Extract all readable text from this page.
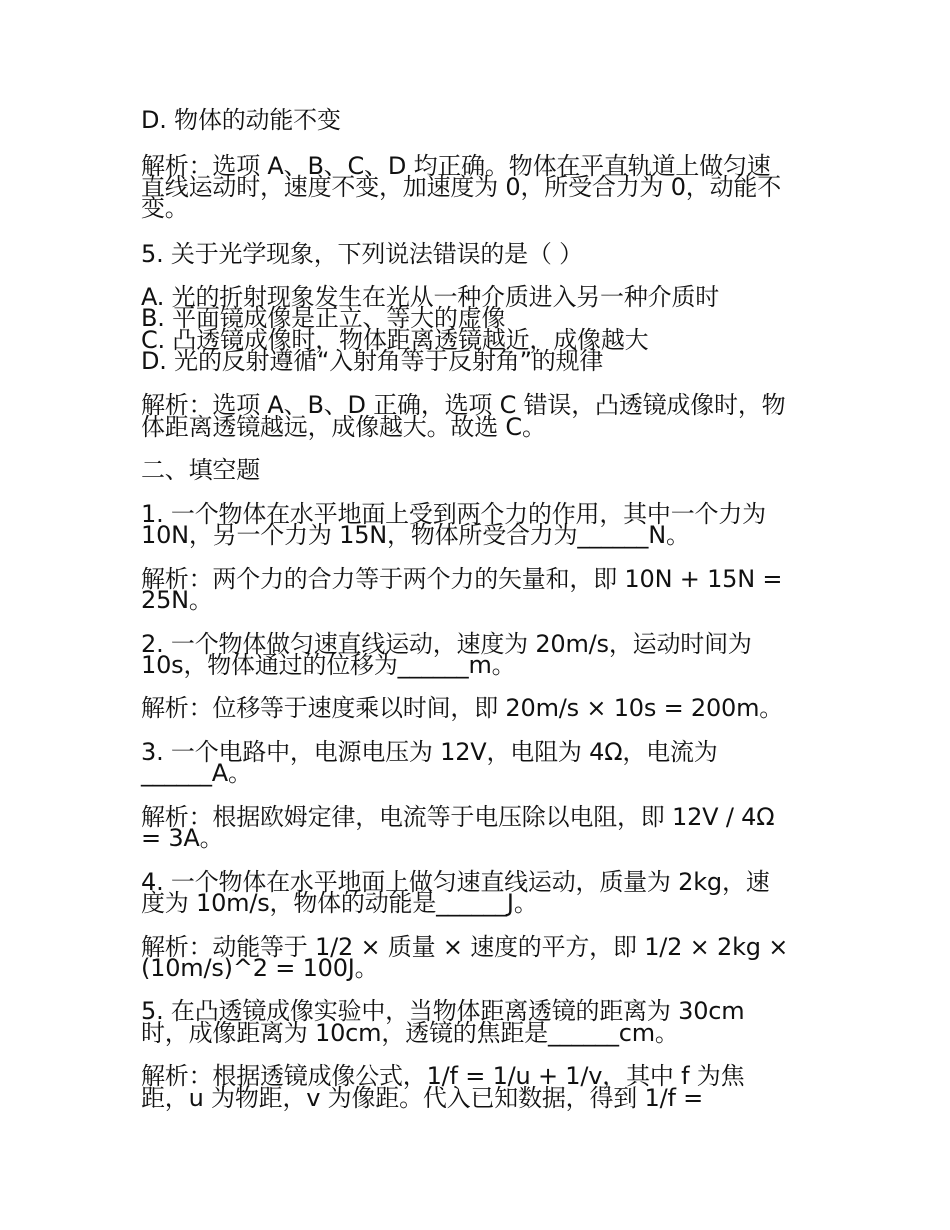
D. 物体的动能不变
解析：选项 A、B、C、D 均正确。物体在平直轨道上做匀速
直线运动时，速度不变，加速度为 0，所受合力为 0，动能不
变。
5. 关于光学现象，下列说法错误的是（ ）
A. 光的折射现象发生在光从一种介质进入另一种介质时
B. 平面镜成像是正立、等大的虚像
C. 凸透镜成像时，物体距离透镜越近，成像越大
D. 光的反射遵循“入射角等于反射角”的规律
解析：选项 A、B、D 正确，选项 C 错误，凸透镜成像时，物
体距离透镜越远，成像越大。故选 C。
二、填空题
1. 一个物体在水平地面上受到两个力的作用，其中一个力为
10N，另一个力为 15N，物体所受合力为______N。
解析：两个力的合力等于两个力的矢量和，即 10N + 15N =
25N。
2. 一个物体做匀速直线运动，速度为 20m/s，运动时间为
10s，物体通过的位移为______m。
解析：位移等于速度乘以时间，即 20m/s × 10s = 200m。
3. 一个电路中，电源电压为 12V，电阻为 4Ω，电流为
______A。
解析：根据欧姆定律，电流等于电压除以电阻，即 12V / 4Ω
= 3A。
4. 一个物体在水平地面上做匀速直线运动，质量为 2kg，速
度为 10m/s，物体的动能是______J。
解析：动能等于 1/2 × 质量 × 速度的平方，即 1/2 × 2kg ×
(10m/s)^2 = 100J。
5. 在凸透镜成像实验中，当物体距离透镜的距离为 30cm
时，成像距离为 10cm，透镜的焦距是______cm。
解析：根据透镜成像公式，1/f = 1/u + 1/v，其中 f 为焦
距，u 为物距，v 为像距。代入已知数据，得到 1/f =
